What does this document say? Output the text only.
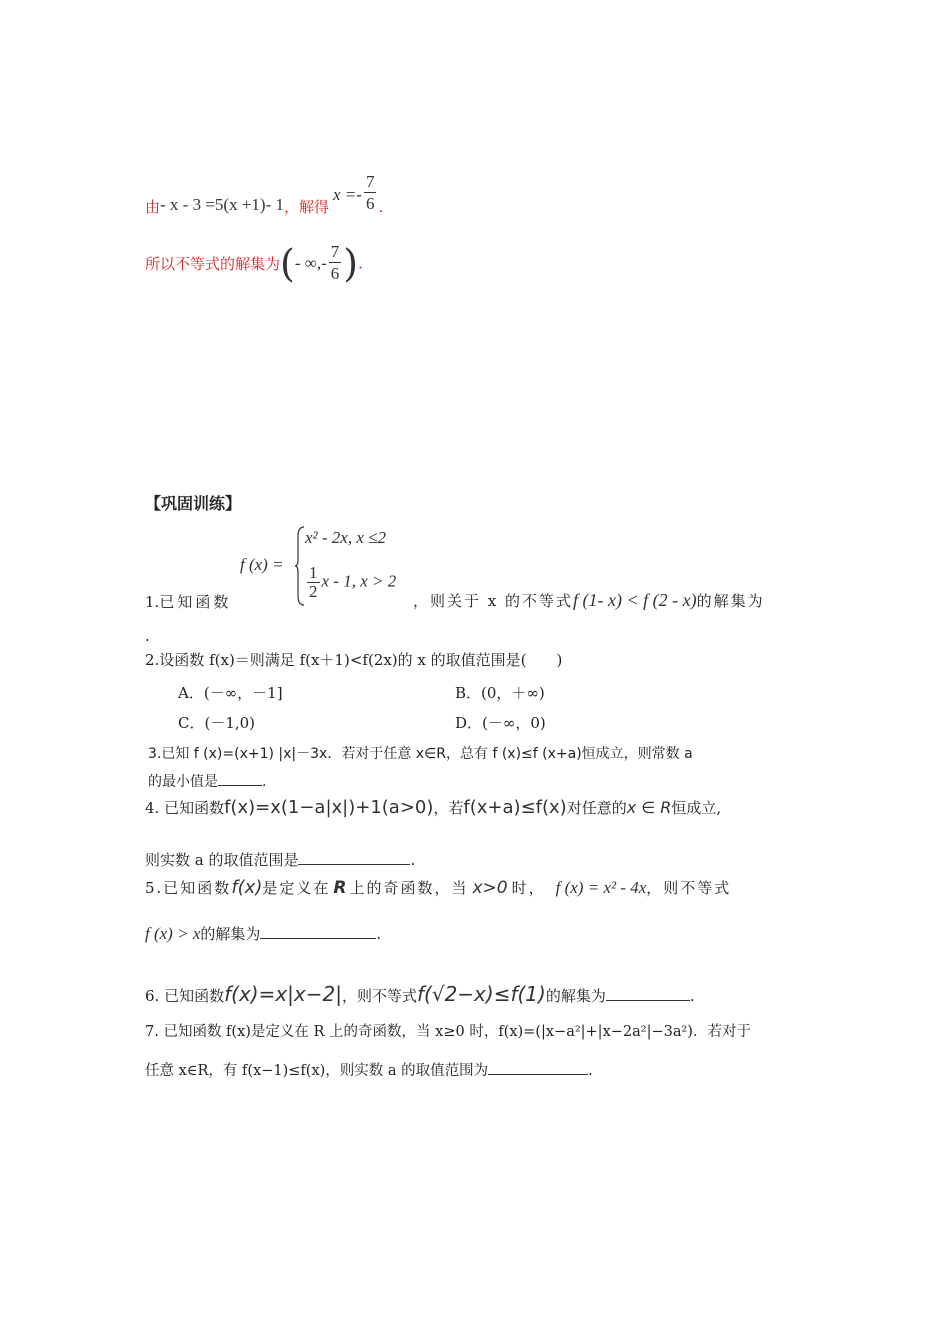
由- x - 3 =5(x +1)- 1，解得$x =- \frac{7}{6}$ .
所以不等式的解集为(- ∞,- $\frac{7}{6}$ ).
【巩固训练】
f (x) =
x² - 2x, x ≤2
$\frac{1}{2}$ x - 1, x > 2
1.已知函数	，则关于 x 的不等式f (1- x) < f (2 - x)的解集为
.
2.设函数 f(x)＝则满足 f(x＋1)<f(2x)的 x 的取值范围是(　　)
A．(－∞，－1]	B．(0，＋∞)
C．(－1,0)	D．(－∞，0)
3.已知 f (x)=(x+1) |x|－3x．若对于任意 x∈R，总有 f (x)≤f (x+a)恒成立，则常数 a
的最小值是	.
4. 已知函数f(x)=x(1−a|x|)+1(a>0)，若f(x+a)≤f(x)对任意的x ∈ R恒成立,
则实数 a 的取值范围是	.
5.已知函数f(x)是定义在 R 上的奇函数，当 x>0 时， f (x) = x² - 4x，则不等式
f (x) > x的解集为	.
6. 已知函数f(x)=x|x−2|，则不等式f(√2−x)≤f(1)的解集为	.
7. 已知函数 f(x)是定义在 R 上的奇函数，当 x≥0 时，f(x)=(|x−a²|+|x−2a²|−3a²)．若对于
任意 x∈R，有 f(x−1)≤f(x)，则实数 a 的取值范围为	.
